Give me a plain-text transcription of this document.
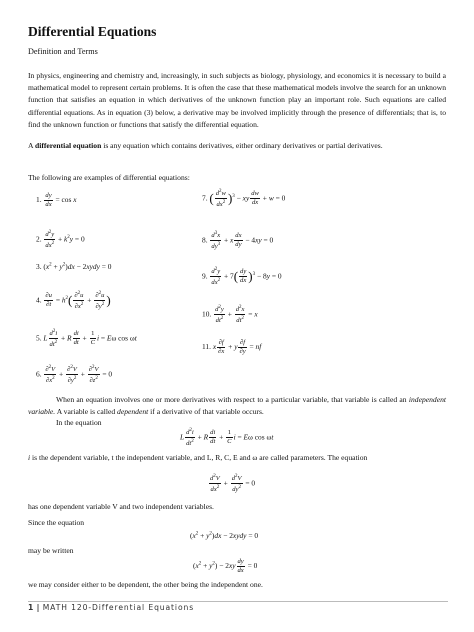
Differential Equations
Definition and Terms
In physics, engineering and chemistry and, increasingly, in such subjects as biology, physiology, and economics it is necessary to build a mathematical model to represent certain problems. It is often the case that these mathematical models involve the search for an unknown function that satisfies an equation in which derivatives of the unknown function play an important role. Such equations are called differential equations. As in equation (3) below, a derivative may be involved implicitly through the presence of differentials; that is, to find the unknown function or functions that satisfy the differential equation.
A differential equation is any equation which contains derivatives, either ordinary derivatives or partial derivatives.
The following are examples of differential equations:
1. $\frac{dy}{dx} = \cos x$
2. $\frac{d^2y}{dx^2} + k^2y = 0$
3. $(x^2 + y^2)dx$ − 2xydy = 0
4. $\frac{\partial u}{\partial t} = h^2( \frac{\partial^2u}{\partial x^2} + \frac{\partial^2u}{\partial y^2}$ )
5. L $\frac{d^2i}{dt^2} + R \frac{di}{dt} + \frac{1}{C}$ i = Eω cos ωt
6. $\frac{\partial^2V}{\partial x^2} + \frac{\partial^2V}{\partial y^2} + \frac{\partial^2V}{\partial z^2} = 0$
7. ( $\frac{d^2w}{dx^2} )^3$ − xy $\frac{dw}{dx} + w = 0$
8. $\frac{d^3x}{dy^3} + x \frac{dx}{dy} - 4xy = 0$
9. $\frac{d^2y}{dx^2} + 7( \frac{dy}{dx} )^3 - 8y = 0$
10. $\frac{d^2y}{dt^2} + \frac{d^2x}{dt^2} = x$
11. x $\frac{\partial f}{\partial x} + y \frac{\partial f}{\partial y}$ = nf
When an equation involves one or more derivatives with respect to a particular variable, that variable is called an independent variable. A variable is called dependent if a derivative of that variable occurs.
In the equation
L $\frac{d^2i}{dt^2} + R \frac{di}{dt} + \frac{1}{C}$ i = Eω cos ωt
i is the dependent variable, t the independent variable, and L, R, C, E and ω are called parameters. The equation
$\frac{d^2V}{dx^2} + \frac{d^2V}{dy^2} = 0$
has one dependent variable V and two independent variables.
Since the equation
$(x^2 + y^2)dx$ − 2xydy = 0
may be written
$(x^2 + y^2) - 2xy \frac{dy}{dx} = 0$
we may consider either to be dependent, the other being the independent one.
1 | MATH 120-Differential Equations
